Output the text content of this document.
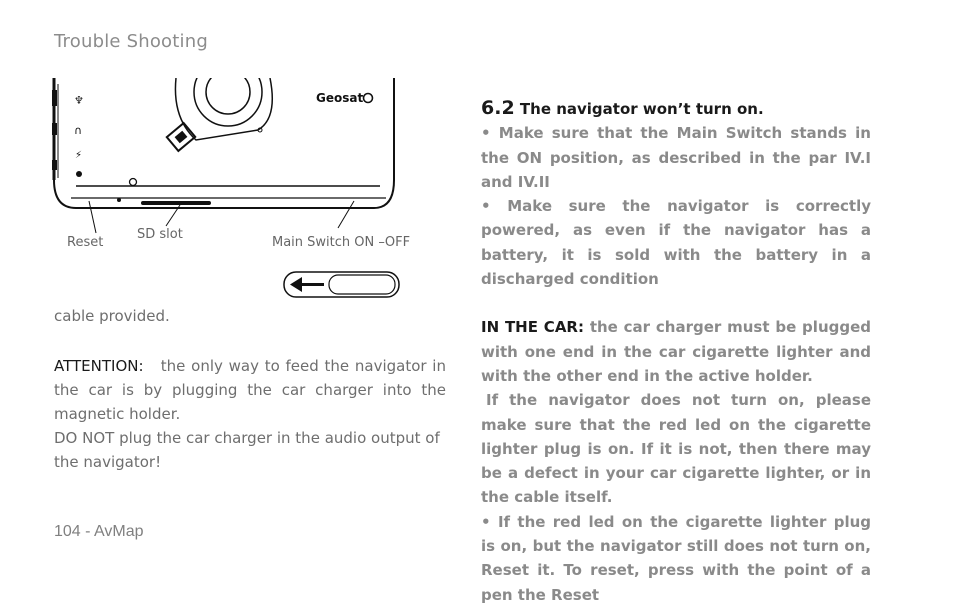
Trouble Shooting
♆
∩
⚡
Geosat
Reset
SD slot
Main Switch ON –OFF
cable provided.
ATTENTION: the only way to feed the navigator in the car is by plugging the car charger into the magnetic holder.
DO NOT plug the car charger in the audio output of the navigator!
6.2 The navigator won’t turn on.

• Make sure that the Main Switch stands in the ON position, as described in the par IV.I and IV.II

• Make sure the navigator is correctly powered, as even if the navigator has a battery, it is sold with the battery in a discharged condition

IN THE CAR: the car charger must be plugged with one end in the car cigarette lighter and with the other end in the active holder.

If the navigator does not turn on, please make sure that the red led on the cigarette lighter plug is on. If it is not, then there may be a defect in your car cigarette lighter, or in the cable itself.

• If the red led on the cigarette lighter plug is on, but the navigator still does not turn on, Reset it. To reset, press with the point of a pen the Reset

104 - AvMap
